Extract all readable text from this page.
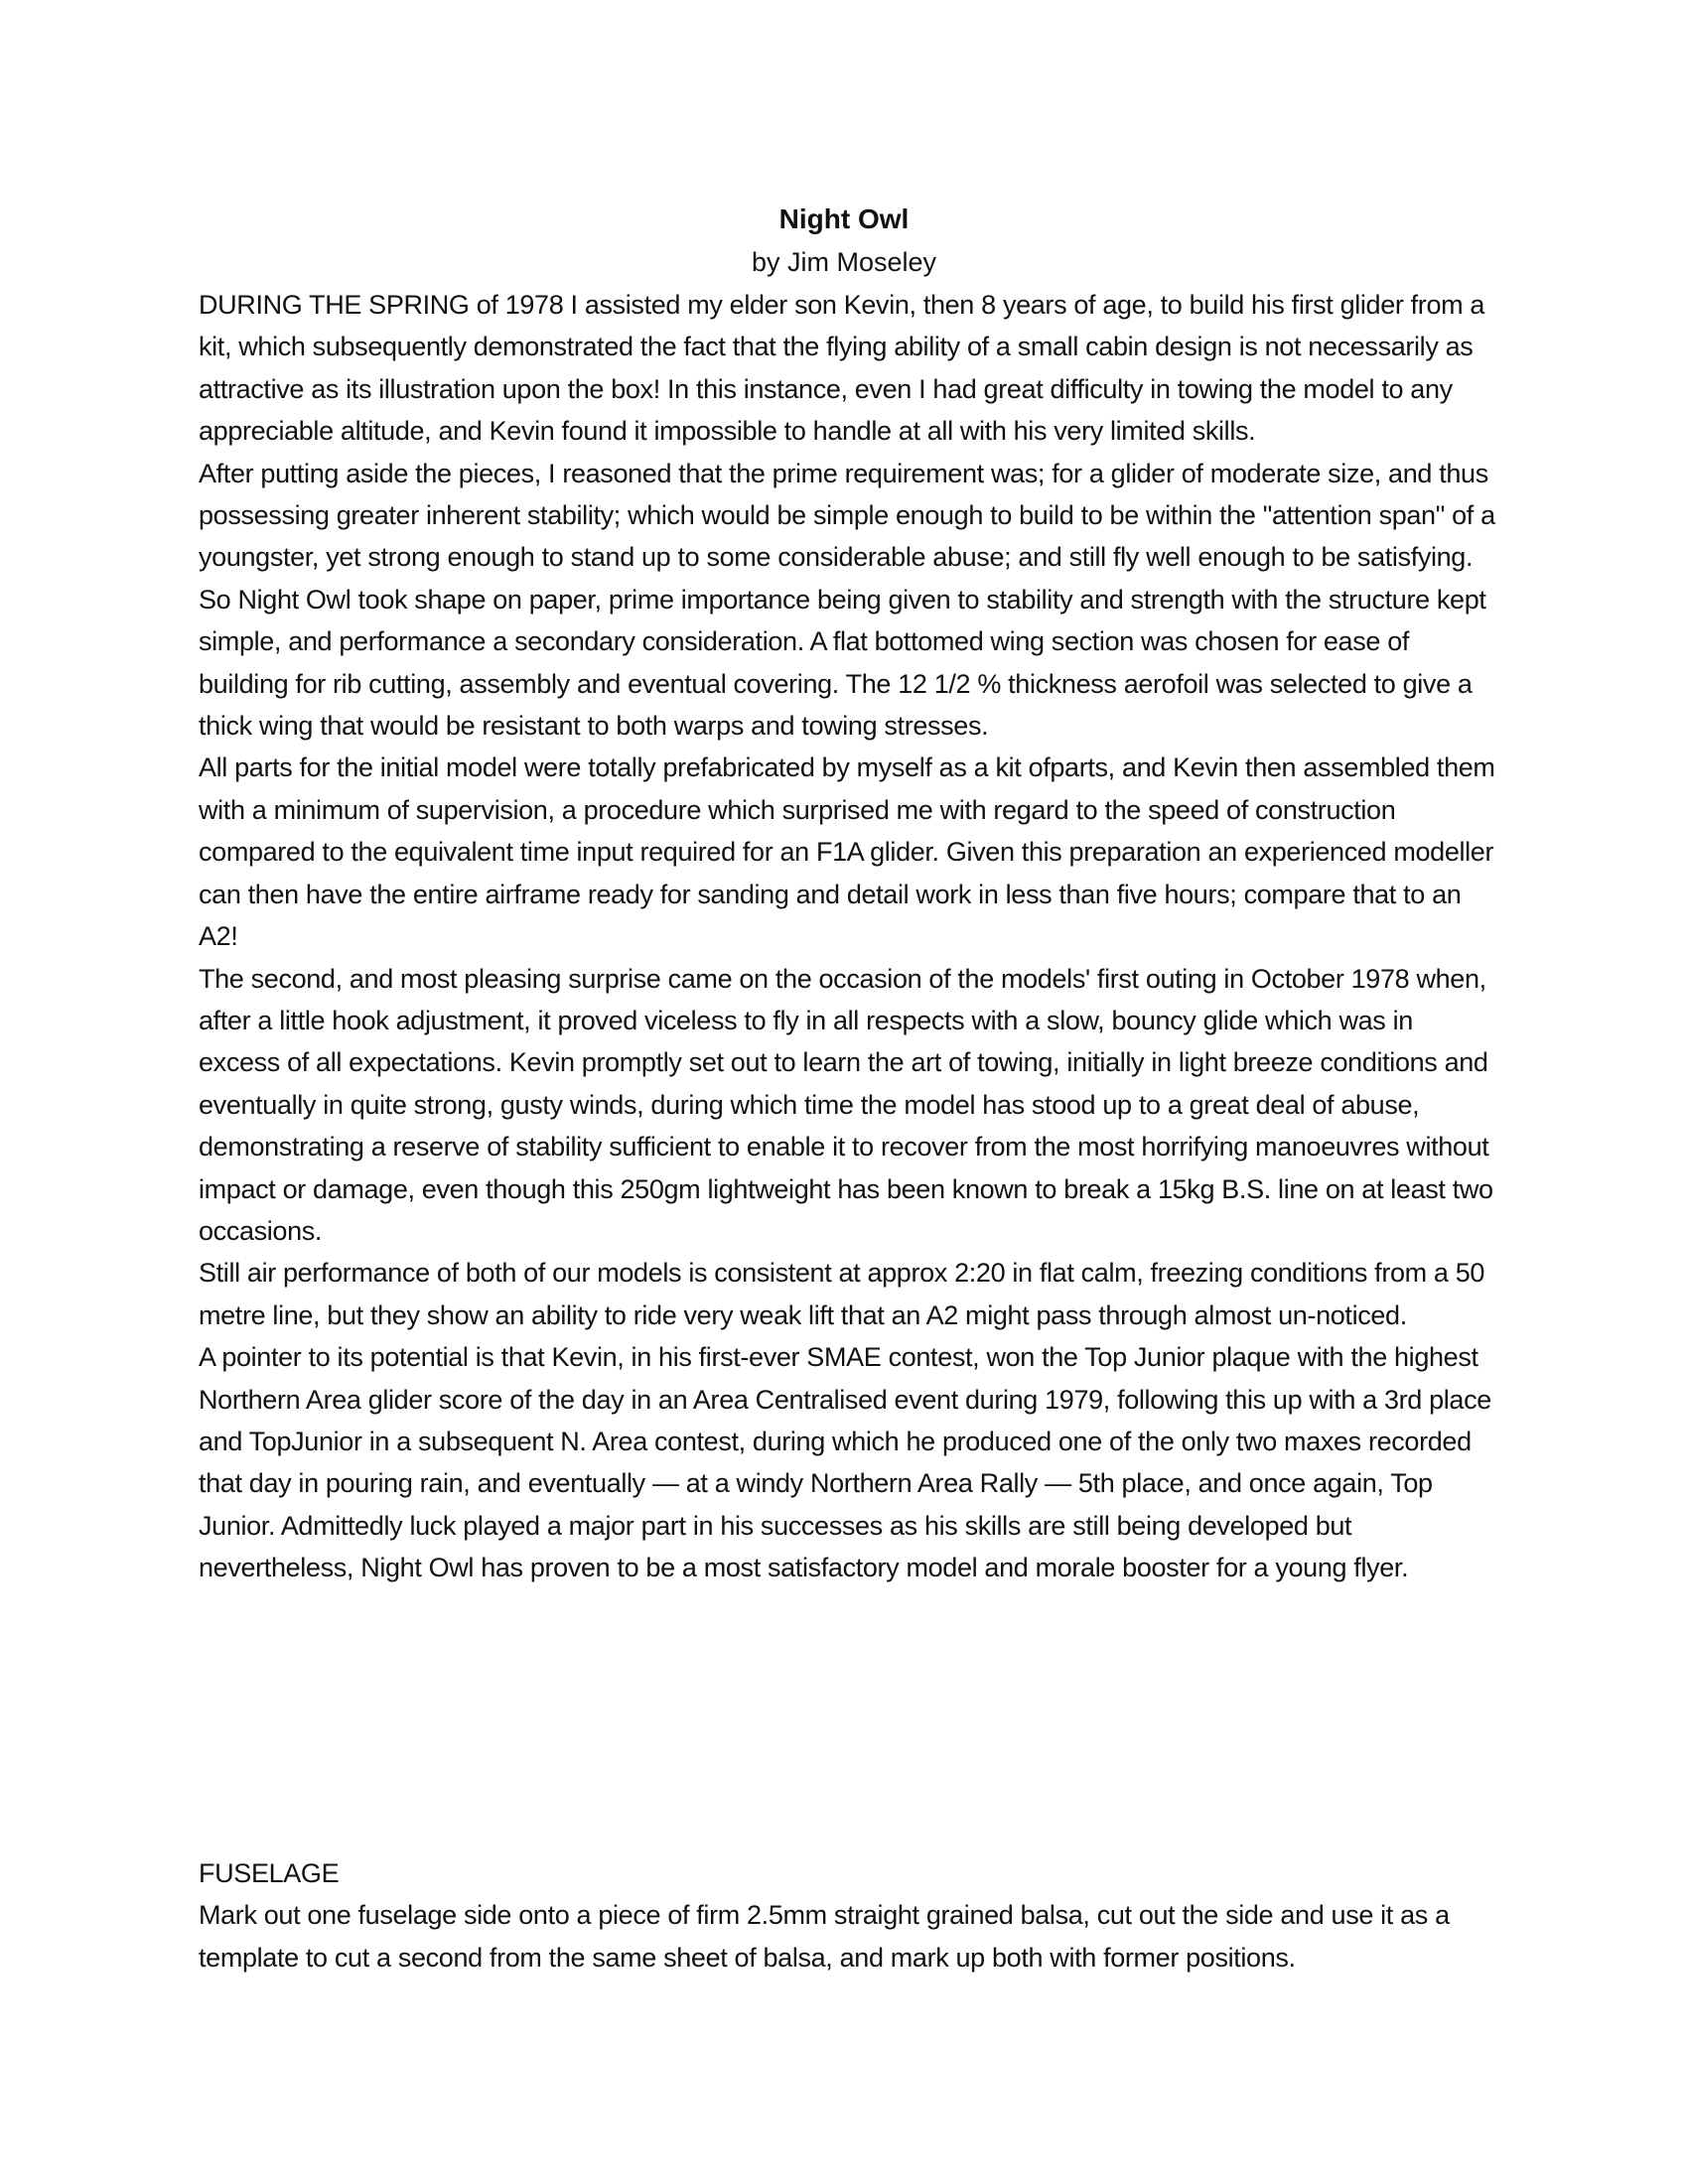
Night Owl
by Jim Moseley

DURING THE SPRING of 1978 I assisted my elder son Kevin, then 8 years of age, to build his first glider from a kit, which subsequently demonstrated the fact that the flying ability of a small cabin design is not necessarily as attractive as its illustration upon the box! In this instance, even I had great difficulty in towing the model to any appreciable altitude, and Kevin found it impossible to handle at all with his very limited skills.

After putting aside the pieces, I reasoned that the prime requirement was; for a glider of moderate size, and thus possessing greater inherent stability; which would be simple enough to build to be within the "attention span" of a youngster, yet strong enough to stand up to some considerable abuse; and still fly well enough to be satisfying.

So Night Owl took shape on paper, prime importance being given to stability and strength with the structure kept simple, and performance a secondary consideration. A flat bottomed wing section was chosen for ease of building for rib cutting, assembly and eventual covering. The 12 1/2 % thickness aerofoil was selected to give a thick wing that would be resistant to both warps and towing stresses.

All parts for the initial model were totally prefabricated by myself as a kit ofparts, and Kevin then assembled them with a minimum of supervision, a procedure which surprised me with regard to the speed of construction compared to the equivalent time input required for an F1A glider. Given this preparation an experienced modeller can then have the entire airframe ready for sanding and detail work in less than five hours; compare that to an A2!

The second, and most pleasing surprise came on the occasion of the models' first outing in October 1978 when, after a little hook adjustment, it proved viceless to fly in all respects with a slow, bouncy glide which was in excess of all expectations. Kevin promptly set out to learn the art of towing, initially in light breeze conditions and eventually in quite strong, gusty winds, during which time the model has stood up to a great deal of abuse, demonstrating a reserve of stability sufficient to enable it to recover from the most horrifying manoeuvres without impact or damage, even though this 250gm lightweight has been known to break a 15kg B.S. line on at least two occasions.

Still air performance of both of our models is consistent at approx 2:20 in flat calm, freezing conditions from a 50 metre line, but they show an ability to ride very weak lift that an A2 might pass through almost un-noticed.

A pointer to its potential is that Kevin, in his first-ever SMAE contest, won the Top Junior plaque with the highest Northern Area glider score of the day in an Area Centralised event during 1979, following this up with a 3rd place and TopJunior in a subsequent N. Area contest, during which he produced one of the only two maxes recorded that day in pouring rain, and eventually — at a windy Northern Area Rally — 5th place, and once again, Top Junior. Admittedly luck played a major part in his successes as his skills are still being developed but nevertheless, Night Owl has proven to be a most satisfactory model and morale booster for a young flyer.

FUSELAGE

Mark out one fuselage side onto a piece of firm 2.5mm straight grained balsa, cut out the side and use it as a template to cut a second from the same sheet of balsa, and mark up both with former positions.
